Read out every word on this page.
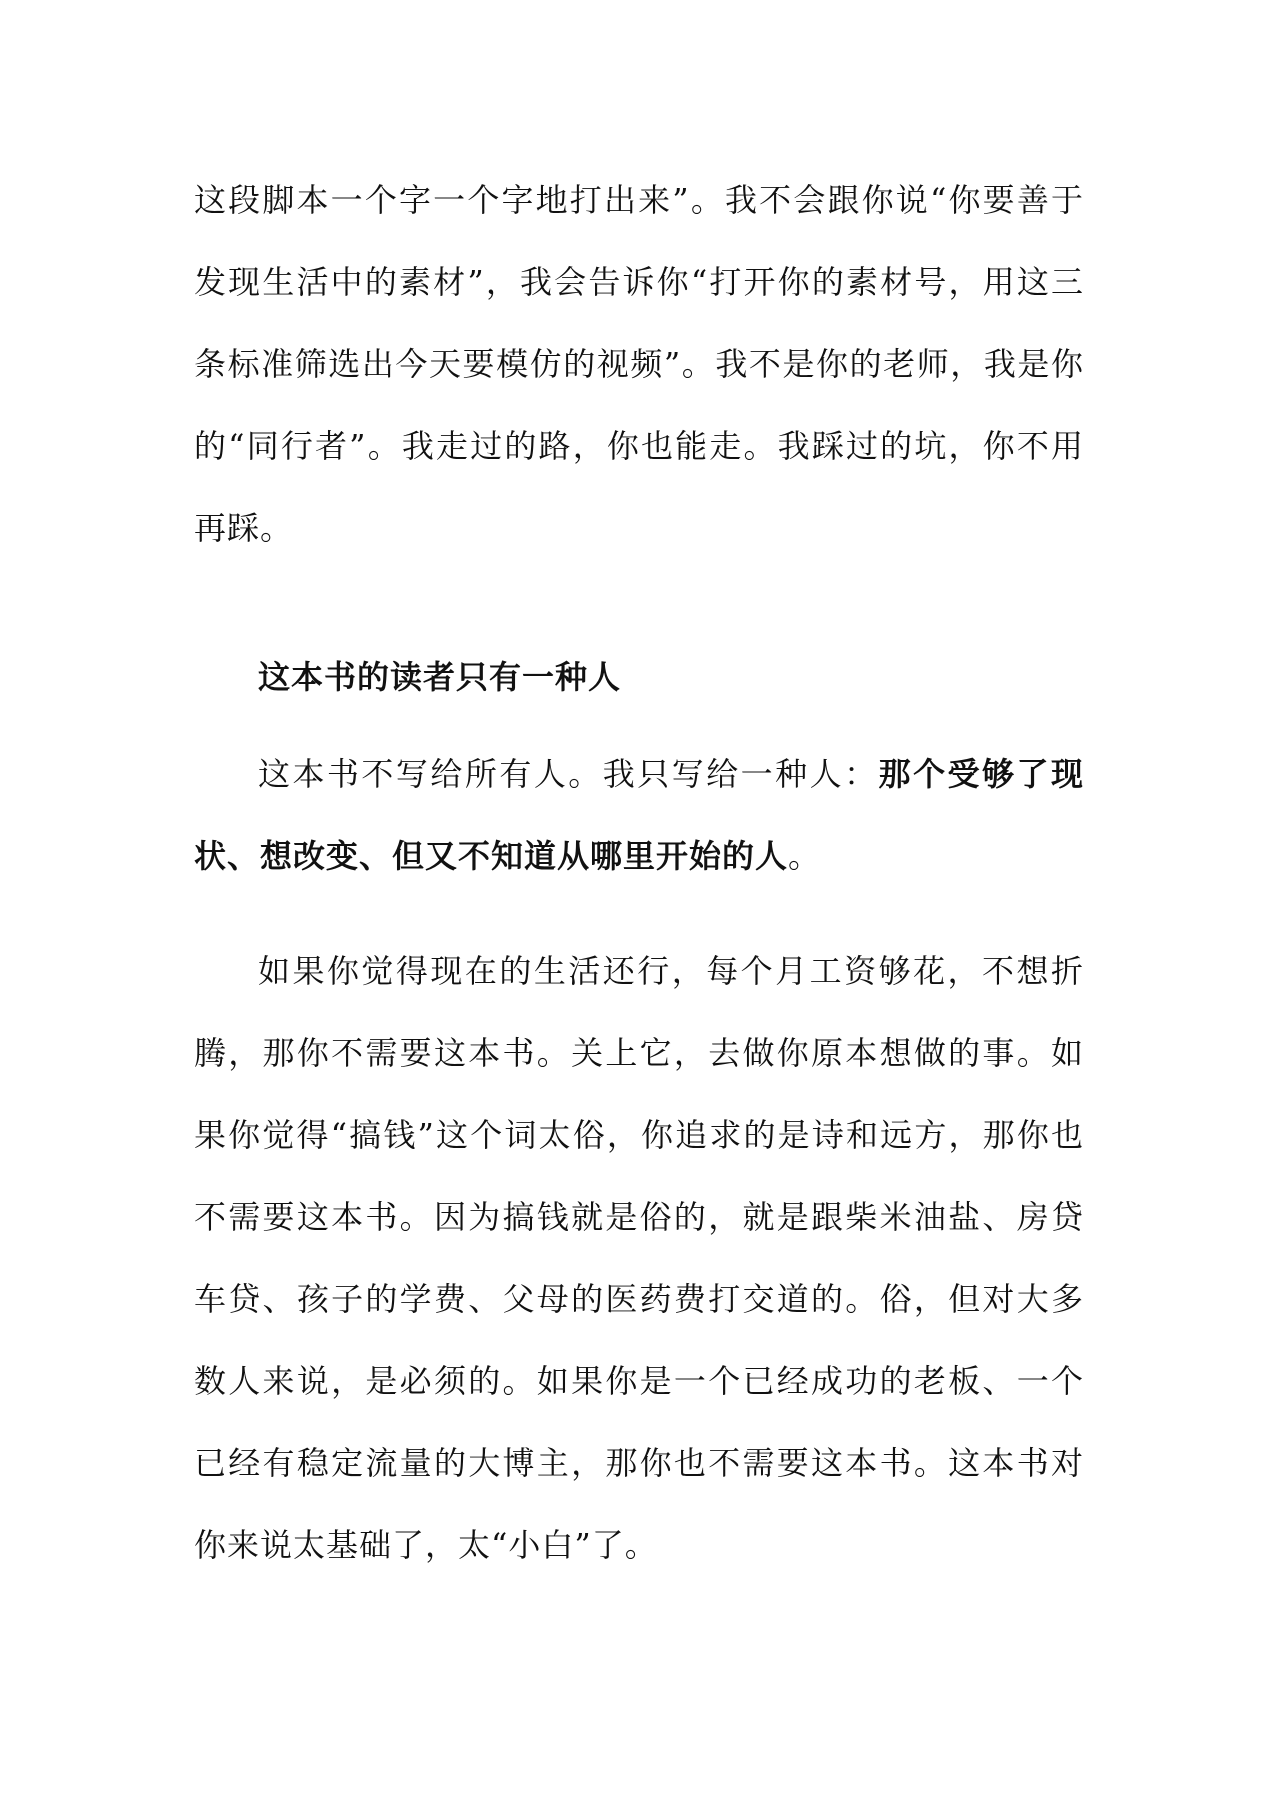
这段脚本一个字一个字地打出来”。我不会跟你说“你要善于发现生活中的素材”，我会告诉你“打开你的素材号，用这三条标准筛选出今天要模仿的视频”。我不是你的老师，我是你的“同行者”。我走过的路，你也能走。我踩过的坑，你不用再踩。

这本书的读者只有一种人

这本书不写给所有人。我只写给一种人：那个受够了现状、想改变、但又不知道从哪里开始的人。

如果你觉得现在的生活还行，每个月工资够花，不想折腾，那你不需要这本书。关上它，去做你原本想做的事。如果你觉得“搞钱”这个词太俗，你追求的是诗和远方，那你也不需要这本书。因为搞钱就是俗的，就是跟柴米油盐、房贷车贷、孩子的学费、父母的医药费打交道的。俗，但对大多数人来说，是必须的。如果你是一个已经成功的老板、一个已经有稳定流量的大博主，那你也不需要这本书。这本书对你来说太基础了，太“小白”了。
